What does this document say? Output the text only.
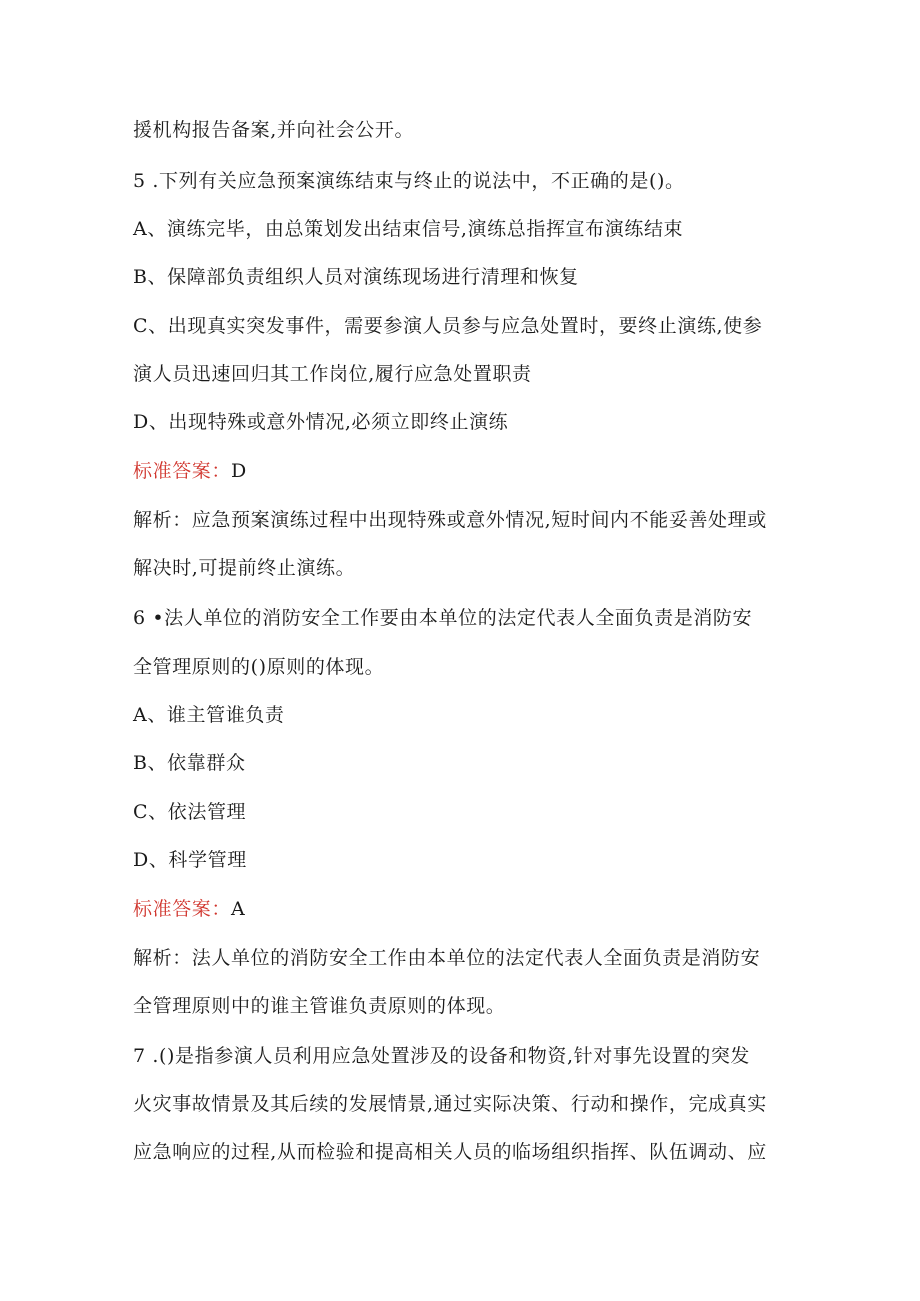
援机构报告备案,并向社会公开。
5 .下列有关应急预案演练结束与终止的说法中，不正确的是()。
A、演练完毕，由总策划发出结束信号,演练总指挥宣布演练结束
B、保障部负责组织人员对演练现场进行清理和恢复
C、出现真实突发事件，需要参演人员参与应急处置时，要终止演练,使参
演人员迅速回归其工作岗位,履行应急处置职责
D、出现特殊或意外情况,必须立即终止演练
标准答案：D
解析：应急预案演练过程中出现特殊或意外情况,短时间内不能妥善处理或
解决时,可提前终止演练。
6 •法人单位的消防安全工作要由本单位的法定代表人全面负责是消防安
全管理原则的()原则的体现。
A、谁主管谁负责
B、依靠群众
C、依法管理
D、科学管理
标准答案：A
解析：法人单位的消防安全工作由本单位的法定代表人全面负责是消防安
全管理原则中的谁主管谁负责原则的体现。
7 .()是指参演人员利用应急处置涉及的设备和物资,针对事先设置的突发
火灾事故情景及其后续的发展情景,通过实际决策、行动和操作，完成真实
应急响应的过程,从而检验和提高相关人员的临场组织指挥、队伍调动、应
